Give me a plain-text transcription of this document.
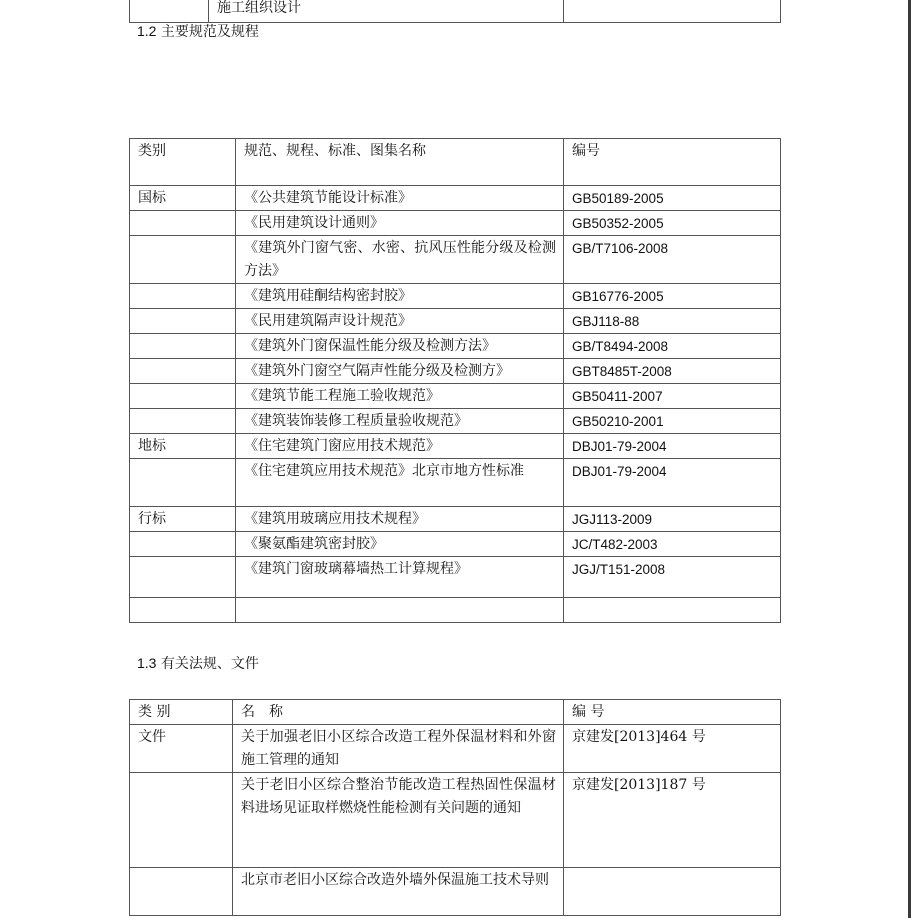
	施工组织设计	
1.2 主要规范及规程
类别	规范、规程、标准、图集名称	编号
国标	《公共建筑节能设计标准》	GB50189-2005
	《民用建筑设计通则》	GB50352-2005
	《建筑外门窗气密、水密、抗风压性能分级及检测方法》	GB/T7106-2008
	《建筑用硅酮结构密封胶》	GB16776-2005
	《民用建筑隔声设计规范》	GBJ118-88
	《建筑外门窗保温性能分级及检测方法》	GB/T8494-2008
	《建筑外门窗空气隔声性能分级及检测方》	GBT8485T-2008
	《建筑节能工程施工验收规范》	GB50411-2007
	《建筑装饰装修工程质量验收规范》	GB50210-2001
地标	《住宅建筑门窗应用技术规范》	DBJ01-79-2004
	《住宅建筑应用技术规范》北京市地方性标准	DBJ01-79-2004
行标	《建筑用玻璃应用技术规程》	JGJ113-2009
	《聚氨酯建筑密封胶》	JC/T482-2003
	《建筑门窗玻璃幕墙热工计算规程》	JGJ/T151-2008

1.3 有关法规、文件
类 别	名　称	编 号
文件	关于加强老旧小区综合改造工程外保温材料和外窗施工管理的通知	京建发[2013]464 号
	关于老旧小区综合整治节能改造工程热固性保温材料进场见证取样燃烧性能检测有关问题的通知	京建发[2013]187 号
	北京市老旧小区综合改造外墙外保温施工技术导则	
